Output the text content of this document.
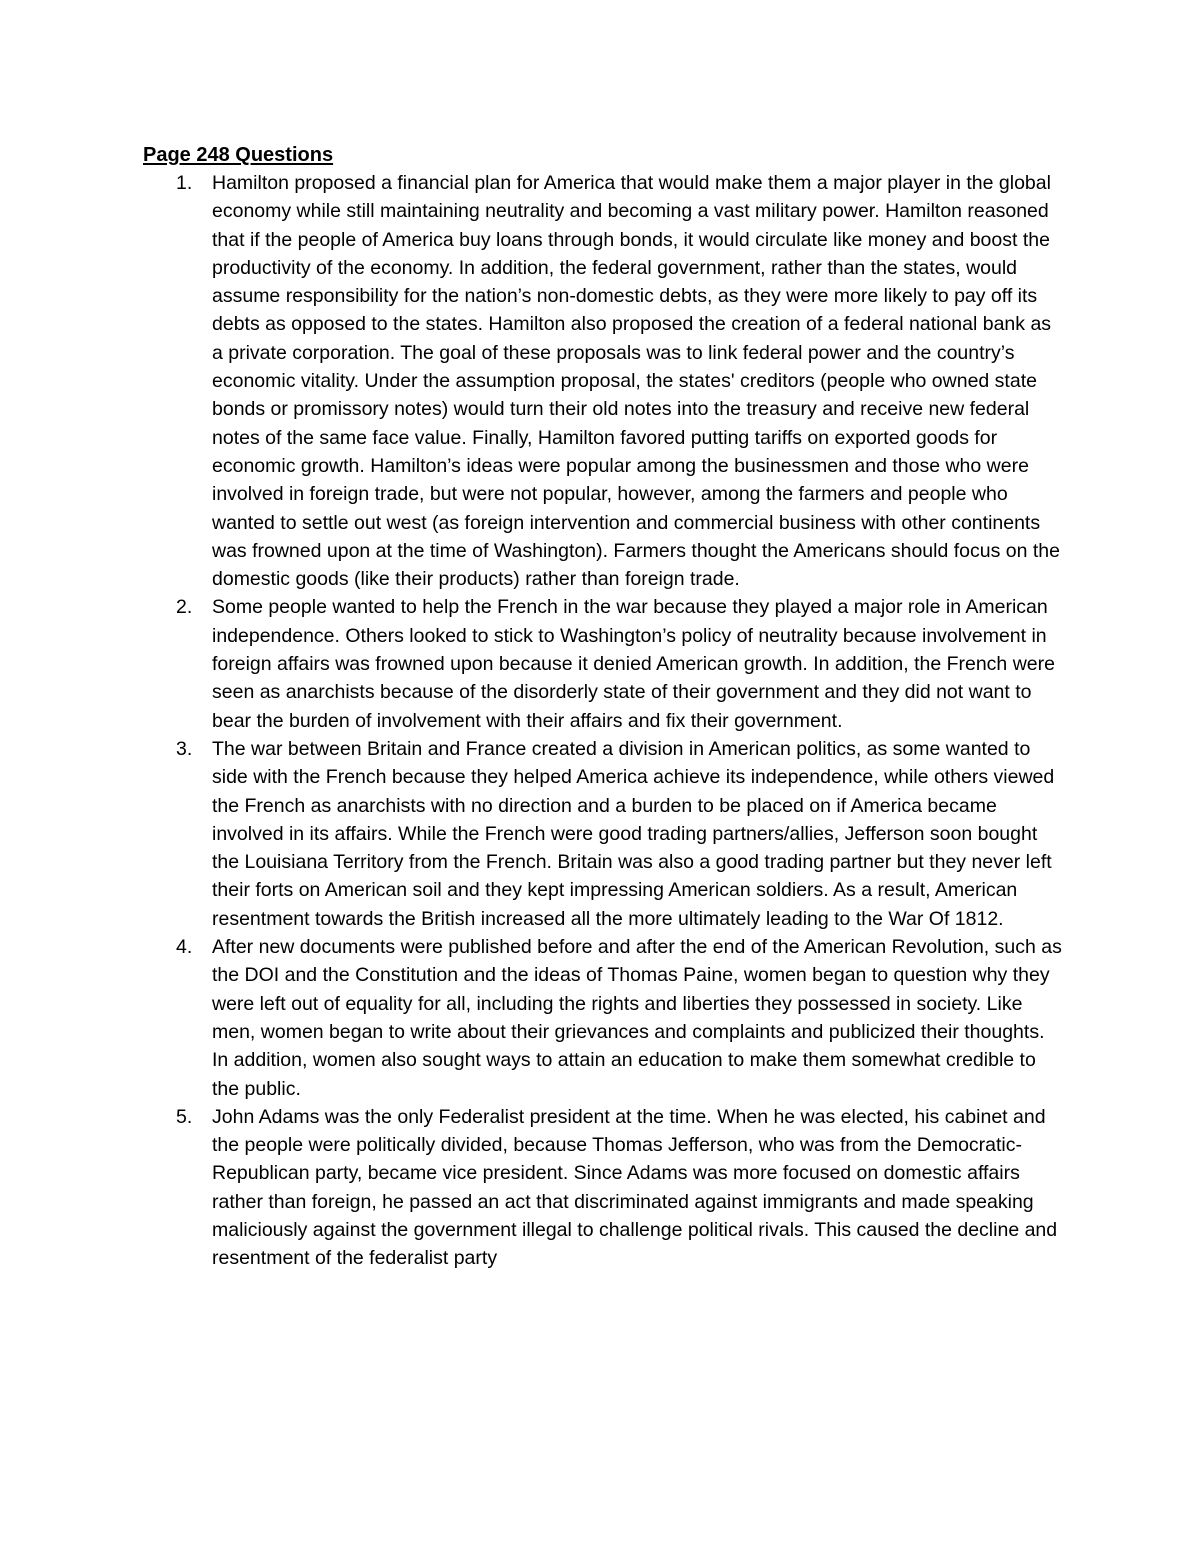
Page 248 Questions

1. Hamilton proposed a financial plan for America that would make them a major player in the global economy while still maintaining neutrality and becoming a vast military power. Hamilton reasoned that if the people of America buy loans through bonds, it would circulate like money and boost the productivity of the economy. In addition, the federal government, rather than the states, would assume responsibility for the nation’s non-domestic debts, as they were more likely to pay off its debts as opposed to the states. Hamilton also proposed the creation of a federal national bank as a private corporation. The goal of these proposals was to link federal power and the country’s economic vitality. Under the assumption proposal, the states' creditors (people who owned state bonds or promissory notes) would turn their old notes into the treasury and receive new federal notes of the same face value. Finally, Hamilton favored putting tariffs on exported goods for economic growth. Hamilton’s ideas were popular among the businessmen and those who were involved in foreign trade, but were not popular, however, among the farmers and people who wanted to settle out west (as foreign intervention and commercial business with other continents was frowned upon at the time of Washington). Farmers thought the Americans should focus on the domestic goods (like their products) rather than foreign trade.
2. Some people wanted to help the French in the war because they played a major role in American independence. Others looked to stick to Washington’s policy of neutrality because involvement in foreign affairs was frowned upon because it denied American growth. In addition, the French were seen as anarchists because of the disorderly state of their government and they did not want to bear the burden of involvement with their affairs and fix their government.
3. The war between Britain and France created a division in American politics, as some wanted to side with the French because they helped America achieve its independence, while others viewed the French as anarchists with no direction and a burden to be placed on if America became involved in its affairs. While the French were good trading partners/allies, Jefferson soon bought the Louisiana Territory from the French. Britain was also a good trading partner but they never left their forts on American soil and they kept impressing American soldiers. As a result, American resentment towards the British increased all the more ultimately leading to the War Of 1812.
4. After new documents were published before and after the end of the American Revolution, such as the DOI and the Constitution and the ideas of Thomas Paine, women began to question why they were left out of equality for all, including the rights and liberties they possessed in society. Like men, women began to write about their grievances and complaints and publicized their thoughts. In addition, women also sought ways to attain an education to make them somewhat credible to the public.
5. John Adams was the only Federalist president at the time. When he was elected, his cabinet and the people were politically divided, because Thomas Jefferson, who was from the Democratic-Republican party, became vice president. Since Adams was more focused on domestic affairs rather than foreign, he passed an act that discriminated against immigrants and made speaking maliciously against the government illegal to challenge political rivals. This caused the decline and resentment of the federalist party
